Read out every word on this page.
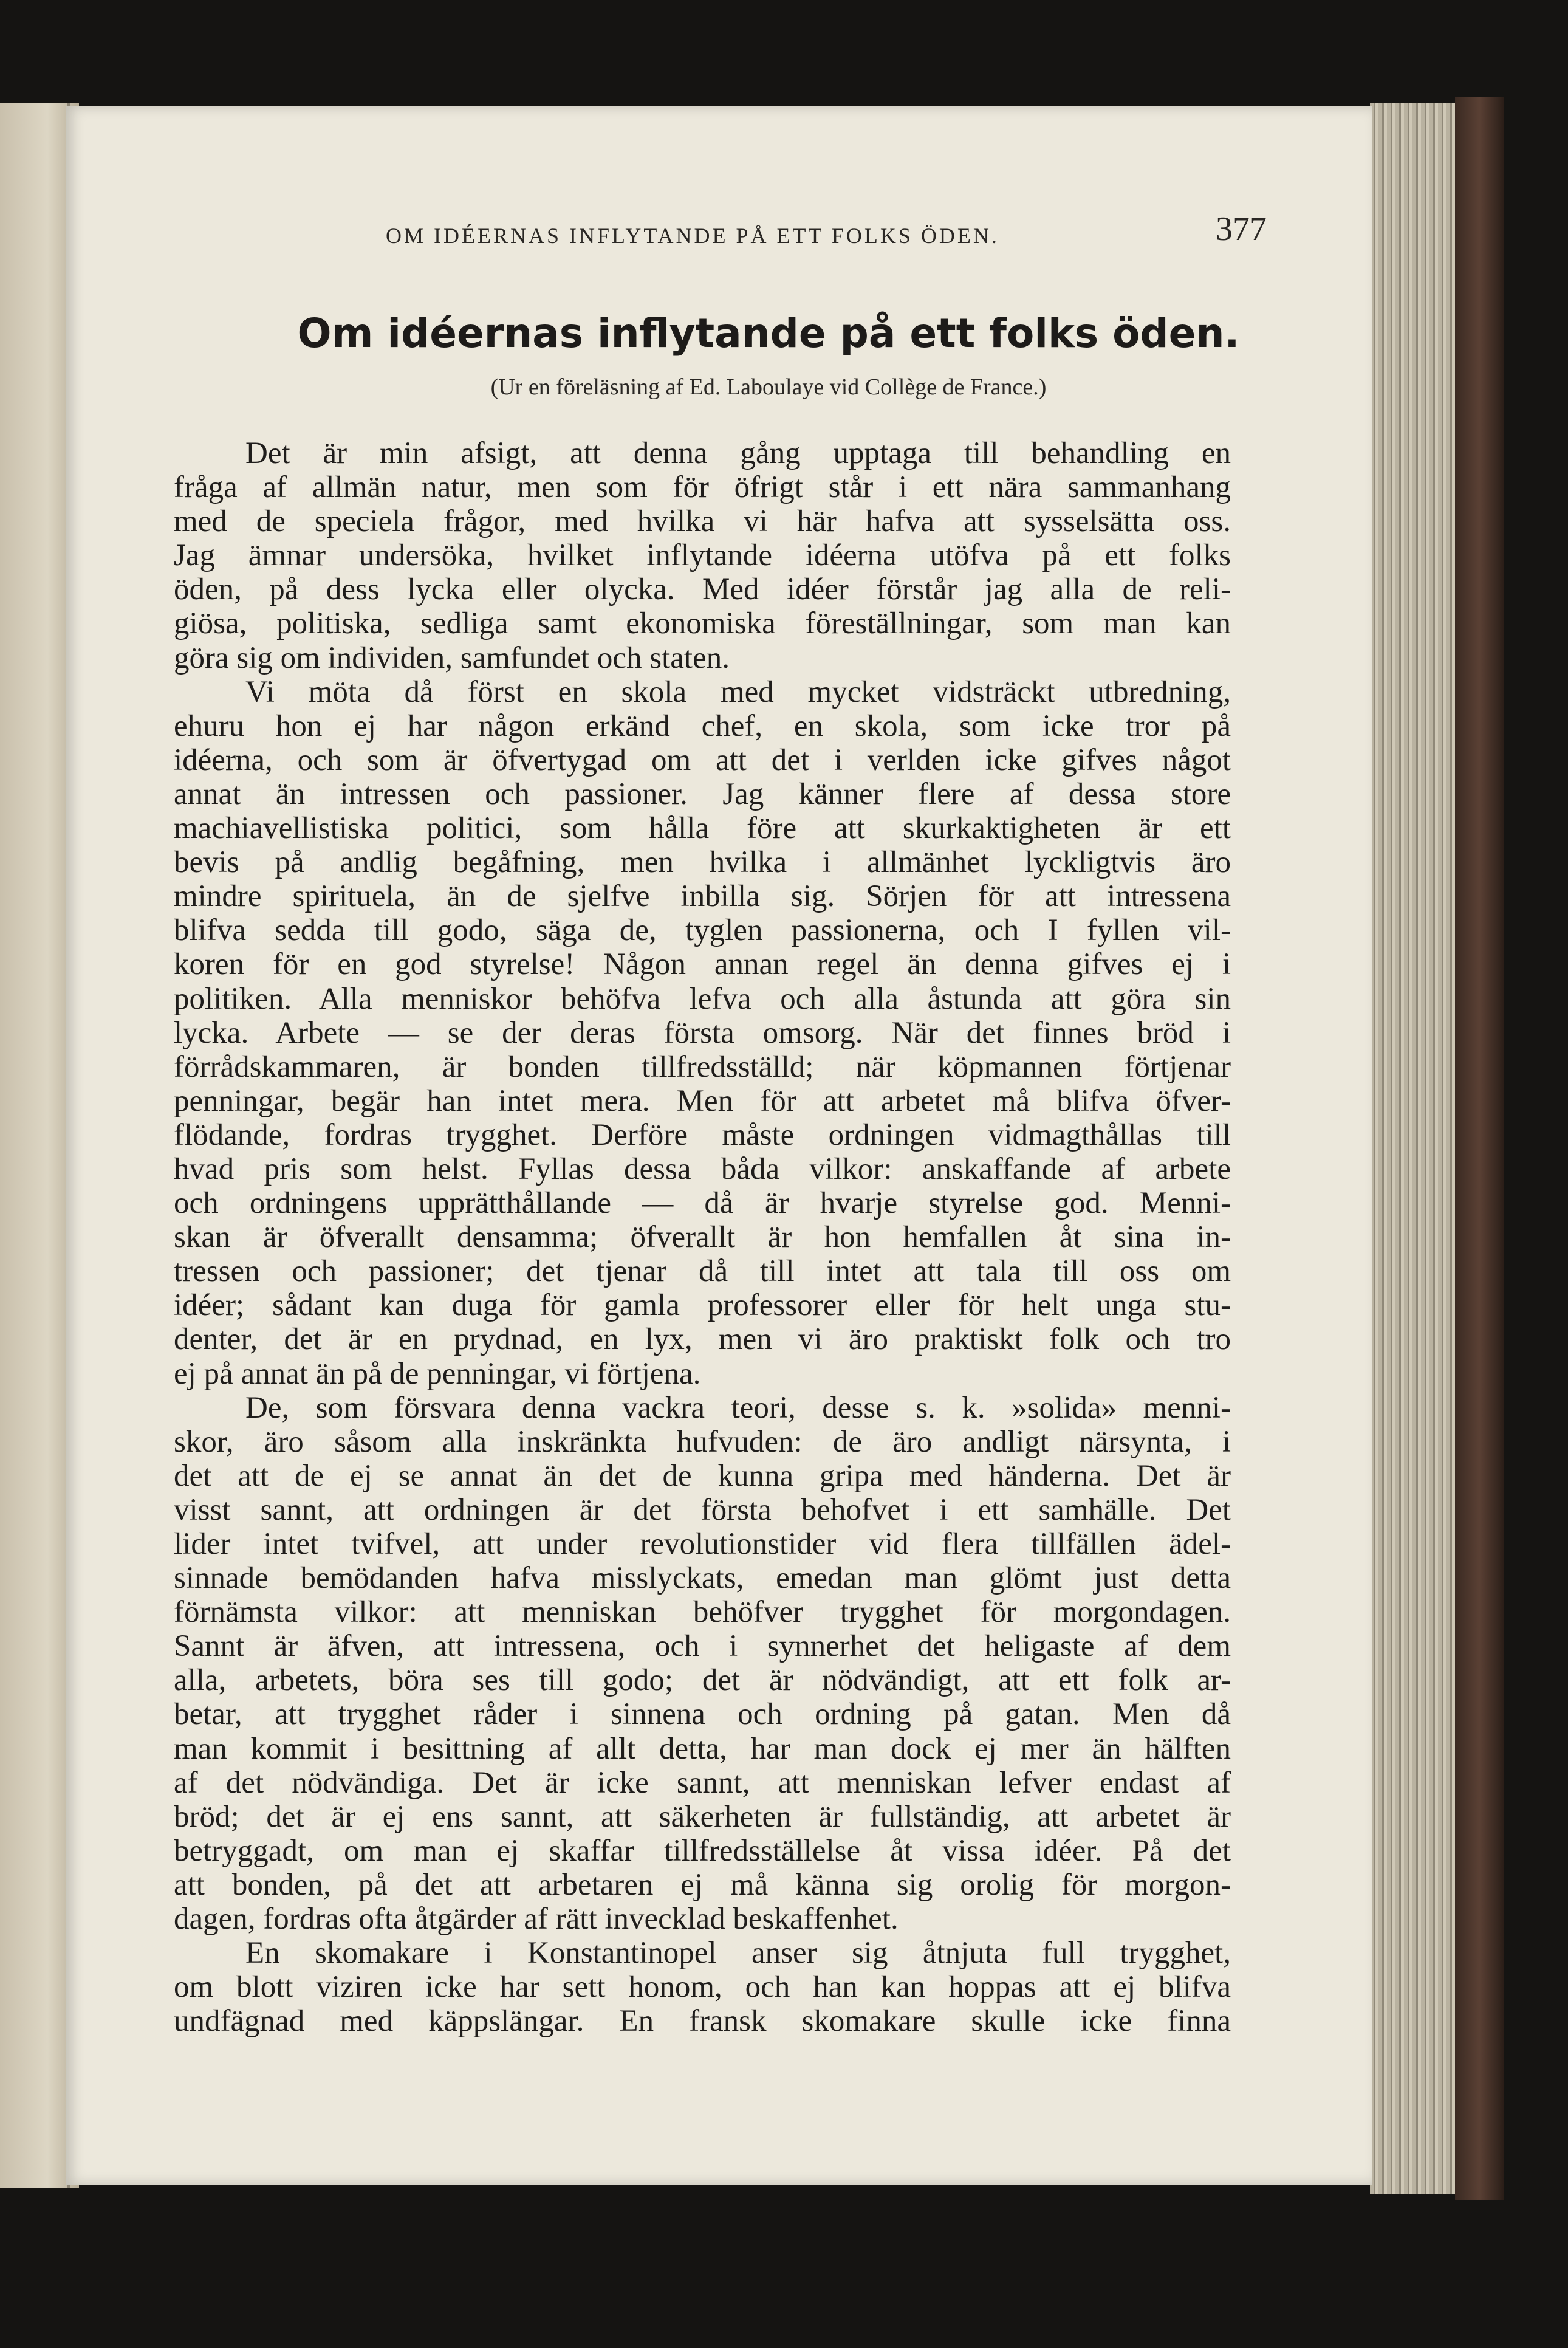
OM IDÉERNAS INFLYTANDE PÅ ETT FOLKS ÖDEN.	377
Om idéernas inflytande på ett folks öden.
(Ur en föreläsning af Ed. Laboulaye vid Collège de France.)
Det är min afsigt, att denna gång upptaga till behandling en
fråga af allmän natur, men som för öfrigt står i ett nära sammanhang
med de speciela frågor, med hvilka vi här hafva att sysselsätta oss.
Jag ämnar undersöka, hvilket inflytande idéerna utöfva på ett folks
öden, på dess lycka eller olycka. Med idéer förstår jag alla de reli-
giösa, politiska, sedliga samt ekonomiska föreställningar, som man kan
göra sig om individen, samfundet och staten.
Vi möta då först en skola med mycket vidsträckt utbredning,
ehuru hon ej har någon erkänd chef, en skola, som icke tror på
idéerna, och som är öfvertygad om att det i verlden icke gifves något
annat än intressen och passioner. Jag känner flere af dessa store
machiavellistiska politici, som hålla före att skurkaktigheten är ett
bevis på andlig begåfning, men hvilka i allmänhet lyckligtvis äro
mindre spirituela, än de sjelfve inbilla sig. Sörjen för att intressena
blifva sedda till godo, säga de, tyglen passionerna, och I fyllen vil-
koren för en god styrelse! Någon annan regel än denna gifves ej i
politiken. Alla menniskor behöfva lefva och alla åstunda att göra sin
lycka. Arbete — se der deras första omsorg. När det finnes bröd i
förrådskammaren, är bonden tillfredsställd; när köpmannen förtjenar
penningar, begär han intet mera. Men för att arbetet må blifva öfver-
flödande, fordras trygghet. Derföre måste ordningen vidmagthållas till
hvad pris som helst. Fyllas dessa båda vilkor: anskaffande af arbete
och ordningens upprätthållande — då är hvarje styrelse god. Menni-
skan är öfverallt densamma; öfverallt är hon hemfallen åt sina in-
tressen och passioner; det tjenar då till intet att tala till oss om
idéer; sådant kan duga för gamla professorer eller för helt unga stu-
denter, det är en prydnad, en lyx, men vi äro praktiskt folk och tro
ej på annat än på de penningar, vi förtjena.
De, som försvara denna vackra teori, desse s. k. »solida» menni-
skor, äro såsom alla inskränkta hufvuden: de äro andligt närsynta, i
det att de ej se annat än det de kunna gripa med händerna. Det är
visst sannt, att ordningen är det första behofvet i ett samhälle. Det
lider intet tvifvel, att under revolutionstider vid flera tillfällen ädel-
sinnade bemödanden hafva misslyckats, emedan man glömt just detta
förnämsta vilkor: att menniskan behöfver trygghet för morgondagen.
Sannt är äfven, att intressena, och i synnerhet det heligaste af dem
alla, arbetets, böra ses till godo; det är nödvändigt, att ett folk ar-
betar, att trygghet råder i sinnena och ordning på gatan. Men då
man kommit i besittning af allt detta, har man dock ej mer än hälften
af det nödvändiga. Det är icke sannt, att menniskan lefver endast af
bröd; det är ej ens sannt, att säkerheten är fullständig, att arbetet är
betryggadt, om man ej skaffar tillfredsställelse åt vissa idéer. På det
att bonden, på det att arbetaren ej må känna sig orolig för morgon-
dagen, fordras ofta åtgärder af rätt invecklad beskaffenhet.
En skomakare i Konstantinopel anser sig åtnjuta full trygghet,
om blott viziren icke har sett honom, och han kan hoppas att ej blifva
undfägnad med käppslängar. En fransk skomakare skulle icke finna
